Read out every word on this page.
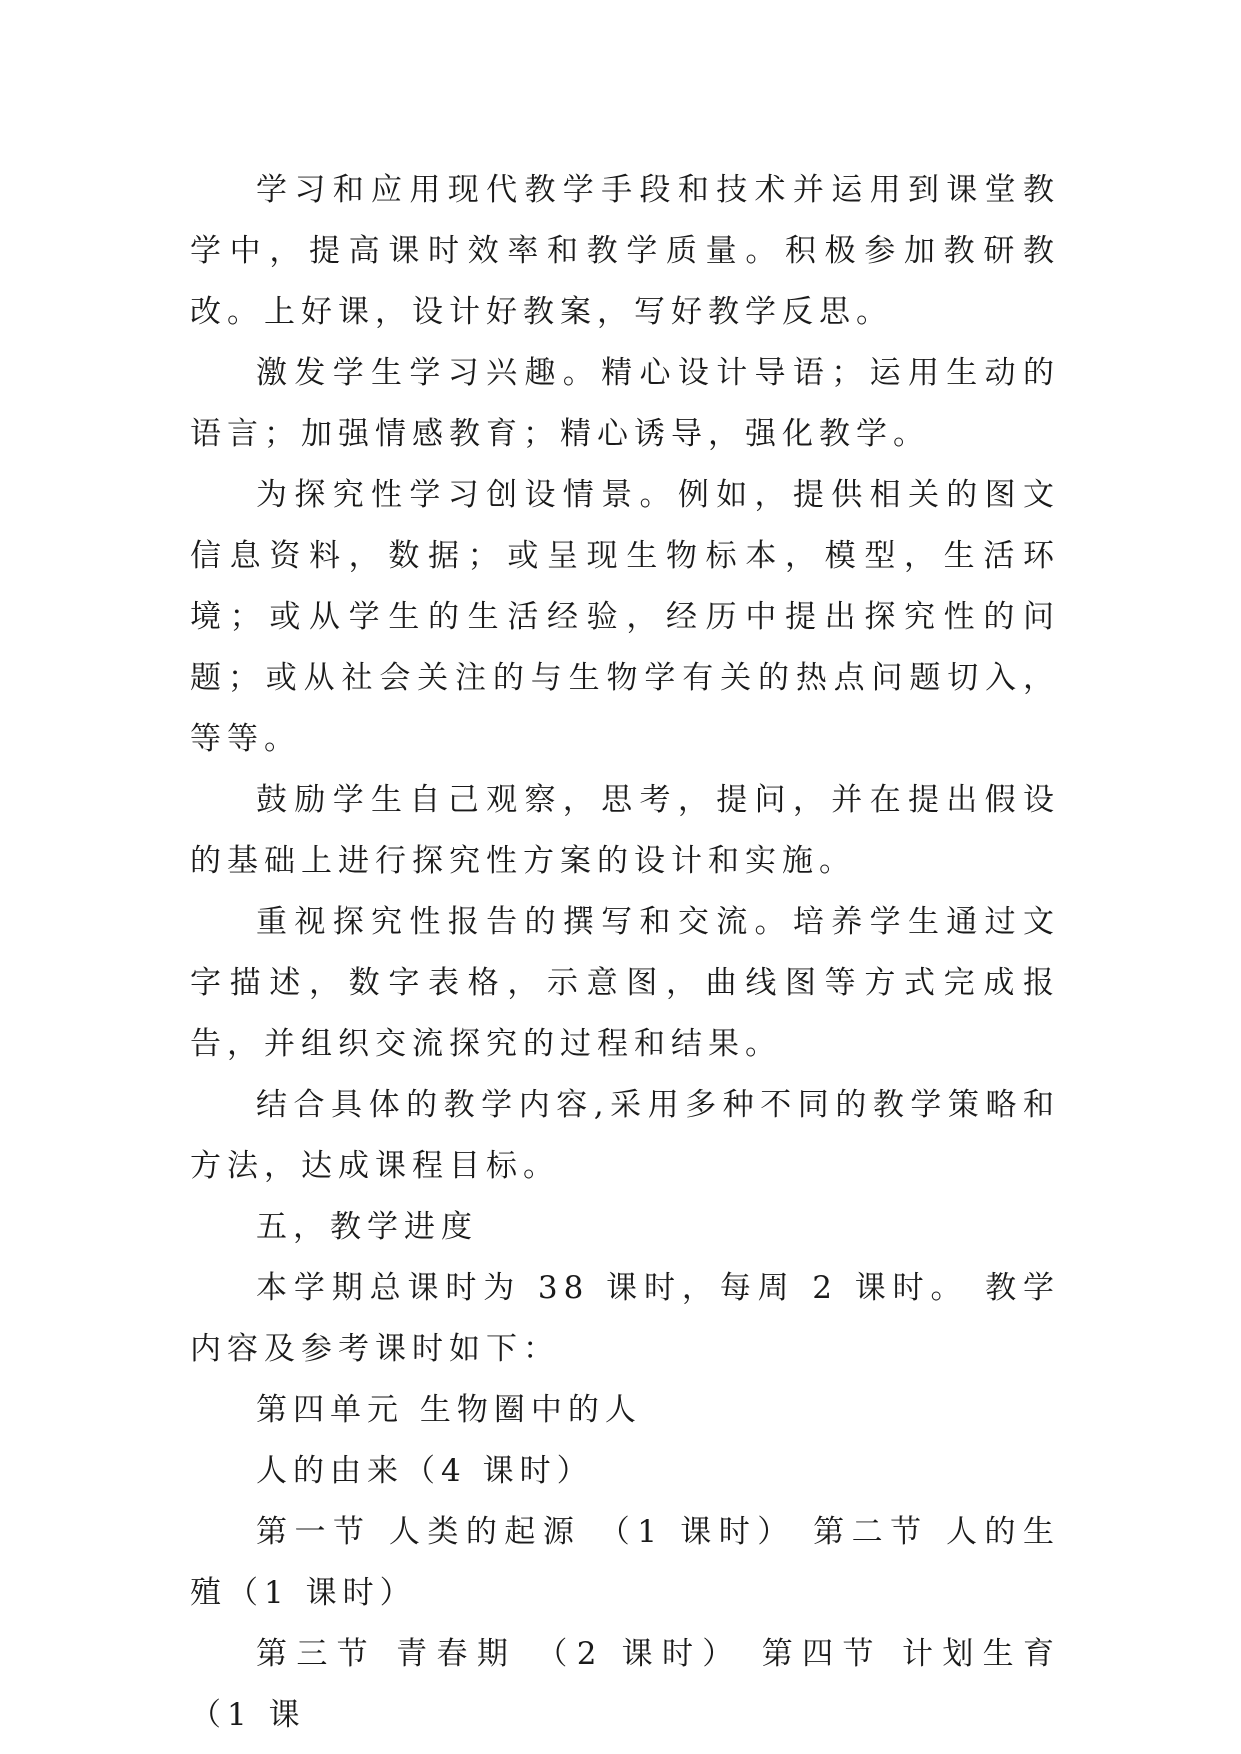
学习和应用现代教学手段和技术并运用到课堂教学中，提高课时效率和教学质量。积极参加教研教改。上好课，设计好教案，写好教学反思。

激发学生学习兴趣。精心设计导语；运用生动的语言；加强情感教育；精心诱导，强化教学。

为探究性学习创设情景。例如，提供相关的图文信息资料，数据；或呈现生物标本，模型，生活环境；或从学生的生活经验，经历中提出探究性的问题；或从社会关注的与生物学有关的热点问题切入，等等。

鼓励学生自己观察，思考，提问，并在提出假设的基础上进行探究性方案的设计和实施。

重视探究性报告的撰写和交流。培养学生通过文字描述，数字表格，示意图，曲线图等方式完成报告，并组织交流探究的过程和结果。

结合具体的教学内容,采用多种不同的教学策略和方法，达成课程目标。

五，教学进度

本学期总课时为 38 课时，每周 2 课时。 教学内容及参考课时如下：

第四单元 生物圈中的人

人的由来（4 课时）

第一节 人类的起源 （1 课时） 第二节 人的生殖（1 课时）

第三节 青春期 （2 课时） 第四节 计划生育 （1 课
